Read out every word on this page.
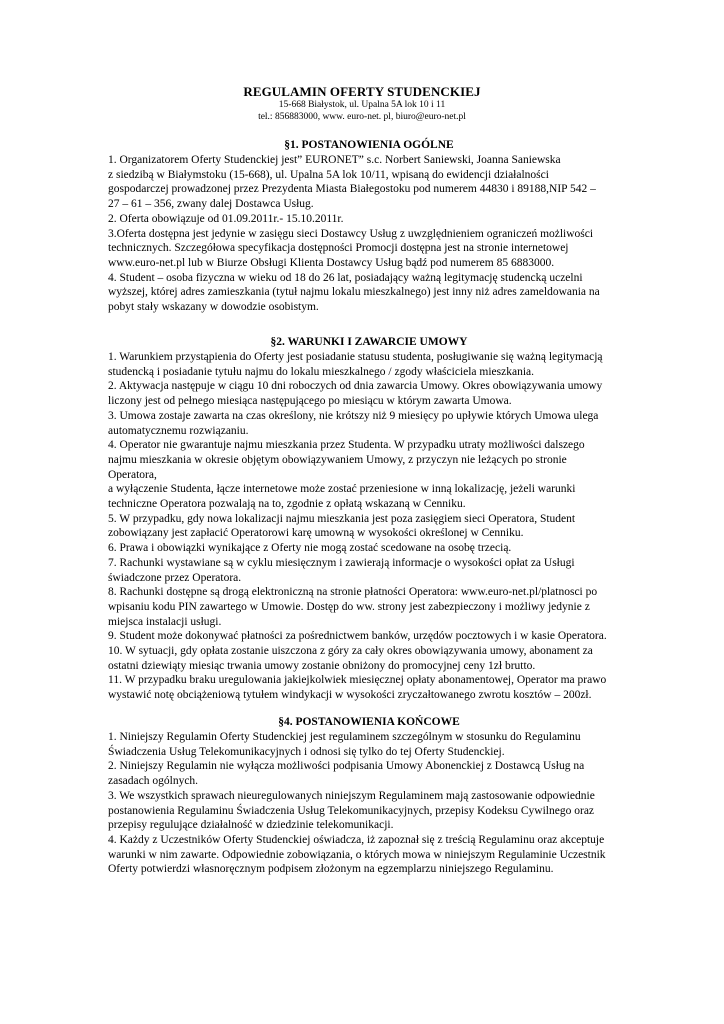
REGULAMIN OFERTY STUDENCKIEJ
15-668 Białystok, ul. Upalna 5A lok 10 i 11
tel.: 856883000, www. euro-net. pl, biuro@euro-net.pl
§1. POSTANOWIENIA OGÓLNE
1. Organizatorem Oferty Studenckiej jest” EURONET” s.c. Norbert Saniewski, Joanna Saniewska
z siedzibą w Białymstoku (15-668), ul. Upalna 5A lok 10/11, wpisaną do ewidencji działalności
gospodarczej prowadzonej przez Prezydenta Miasta Białegostoku pod numerem 44830 i 89188,NIP 542 –
27 – 61 – 356, zwany dalej Dostawca Usług.
2. Oferta obowiązuje od 01.09.2011r.- 15.10.2011r.
3.Oferta dostępna jest jedynie w zasięgu sieci Dostawcy Usług z uwzględnieniem ograniczeń możliwości
technicznych. Szczegółowa specyfikacja dostępności Promocji dostępna jest na stronie internetowej
www.euro-net.pl lub w Biurze Obsługi Klienta Dostawcy Usług bądź pod numerem 85 6883000.
4. Student – osoba fizyczna w wieku od 18 do 26 lat, posiadający ważną legitymację studencką uczelni
wyższej, której adres zamieszkania (tytuł najmu lokalu mieszkalnego) jest inny niż adres zameldowania na
pobyt stały wskazany w dowodzie osobistym.
§2. WARUNKI I ZAWARCIE UMOWY
1. Warunkiem przystąpienia do Oferty jest posiadanie statusu studenta, posługiwanie się ważną legitymacją
studencką i posiadanie tytułu najmu do lokalu mieszkalnego / zgody właściciela mieszkania.
2. Aktywacja następuje w ciągu 10 dni roboczych od dnia zawarcia Umowy. Okres obowiązywania umowy
liczony jest od pełnego miesiąca następującego po miesiącu w którym zawarta Umowa.
3. Umowa zostaje zawarta na czas określony, nie krótszy niż 9 miesięcy po upływie których Umowa ulega
automatycznemu rozwiązaniu.
4. Operator nie gwarantuje najmu mieszkania przez Studenta. W przypadku utraty możliwości dalszego
najmu mieszkania w okresie objętym obowiązywaniem Umowy, z przyczyn nie leżących po stronie
Operatora,
a wyłączenie Studenta, łącze internetowe może zostać przeniesione w inną lokalizację, jeżeli warunki
techniczne Operatora pozwalają na to, zgodnie z opłatą wskazaną w Cenniku.
5. W przypadku, gdy nowa lokalizacji najmu mieszkania jest poza zasięgiem sieci Operatora, Student
zobowiązany jest zapłacić Operatorowi karę umowną w wysokości określonej w Cenniku.
6. Prawa i obowiązki wynikające z Oferty nie mogą zostać scedowane na osobę trzecią.
7. Rachunki wystawiane są w cyklu miesięcznym i zawierają informacje o wysokości opłat za Usługi
świadczone przez Operatora.
8. Rachunki dostępne są drogą elektroniczną na stronie płatności Operatora: www.euro-net.pl/platnosci po
wpisaniu kodu PIN zawartego w Umowie. Dostęp do ww. strony jest zabezpieczony i możliwy jedynie z
miejsca instalacji usługi.
9. Student może dokonywać płatności za pośrednictwem banków, urzędów pocztowych i w kasie Operatora.
10. W sytuacji, gdy opłata zostanie uiszczona z góry za cały okres obowiązywania umowy, abonament za
ostatni dziewiąty miesiąc trwania umowy zostanie obniżony do promocyjnej ceny 1zł brutto.
11. W przypadku braku uregulowania jakiejkolwiek miesięcznej opłaty abonamentowej, Operator ma prawo
wystawić notę obciążeniową tytułem windykacji w wysokości zryczałtowanego zwrotu kosztów – 200zł.
§4. POSTANOWIENIA KOŃCOWE
1. Niniejszy Regulamin Oferty Studenckiej jest regulaminem szczególnym w stosunku do Regulaminu
Świadczenia Usług Telekomunikacyjnych i odnosi się tylko do tej Oferty Studenckiej.
2. Niniejszy Regulamin nie wyłącza możliwości podpisania Umowy Abonenckiej z Dostawcą Usług na
zasadach ogólnych.
3. We wszystkich sprawach nieuregulowanych niniejszym Regulaminem mają zastosowanie odpowiednie
postanowienia Regulaminu Świadczenia Usług Telekomunikacyjnych, przepisy Kodeksu Cywilnego oraz
przepisy regulujące działalność w dziedzinie telekomunikacji.
4. Każdy z Uczestników Oferty Studenckiej oświadcza, iż zapoznał się z treścią Regulaminu oraz akceptuje
warunki w nim zawarte. Odpowiednie zobowiązania, o których mowa w niniejszym Regulaminie Uczestnik
Oferty potwierdzi własnoręcznym podpisem złożonym na egzemplarzu niniejszego Regulaminu.
